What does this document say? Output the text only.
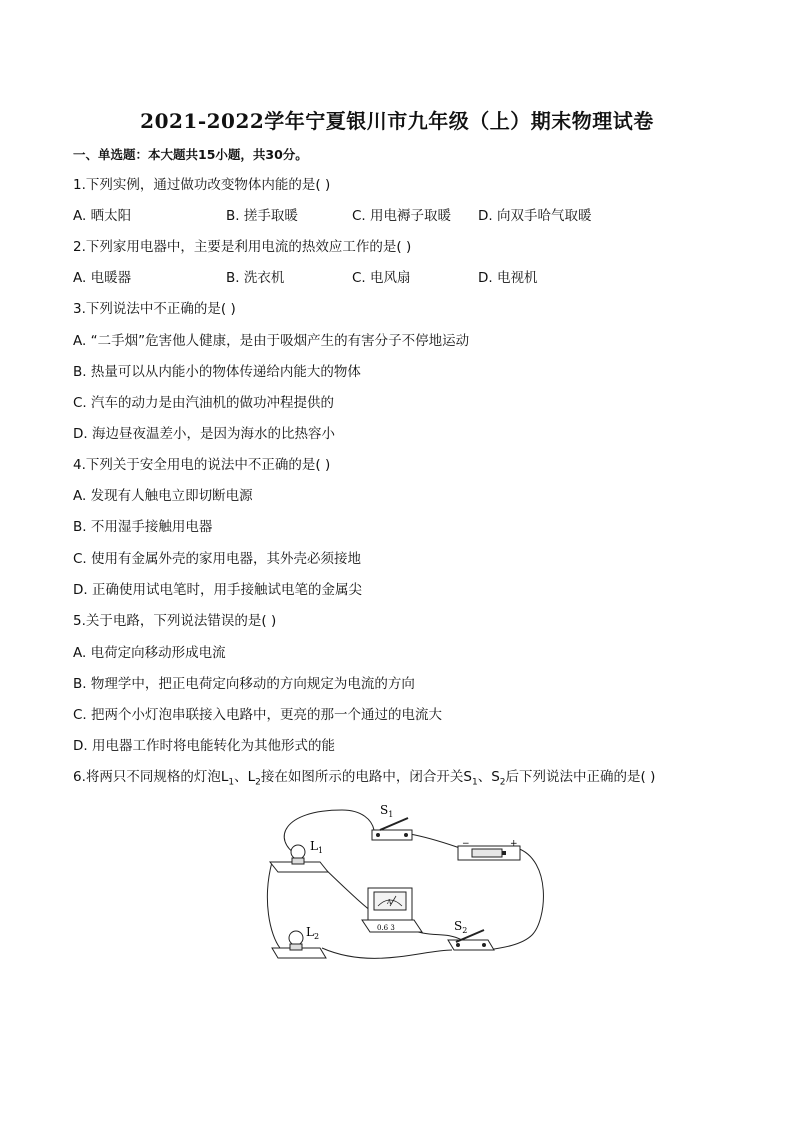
2021-2022学年宁夏银川市九年级（上）期末物理试卷
一、单选题：本大题共15小题，共30分。
1.下列实例，通过做功改变物体内能的是( )
A. 晒太阳	B. 搓手取暖	C. 用电褥子取暖 D. 向双手哈气取暖
2.下列家用电器中，主要是利用电流的热效应工作的是( )
A. 电暖器	B. 洗衣机	C. 电风扇	D. 电视机
3.下列说法中不正确的是( )
A. “二手烟”危害他人健康，是由于吸烟产生的有害分子不停地运动
B. 热量可以从内能小的物体传递给内能大的物体
C. 汽车的动力是由汽油机的做功冲程提供的
D. 海边昼夜温差小，是因为海水的比热容小
4.下列关于安全用电的说法中不正确的是( )
A. 发现有人触电立即切断电源
B. 不用湿手接触用电器
C. 使用有金属外壳的家用电器，其外壳必须接地
D. 正确使用试电笔时，用手接触试电笔的金属尖
5.关于电路，下列说法错误的是( )
A. 电荷定向移动形成电流
B. 物理学中，把正电荷定向移动的方向规定为电流的方向
C. 把两个小灯泡串联接入电路中，更亮的那一个通过的电流大
D. 用电器工作时将电能转化为其他形式的能
6.将两只不同规格的灯泡$L_1$、$L_2$接在如图所示的电路中，闭合开关$S_1$、$S_2$后下列说法中正确的是( )
$S_1$
−	+
$L_1$
$L_2$
A
0.6 3	$S_2$
